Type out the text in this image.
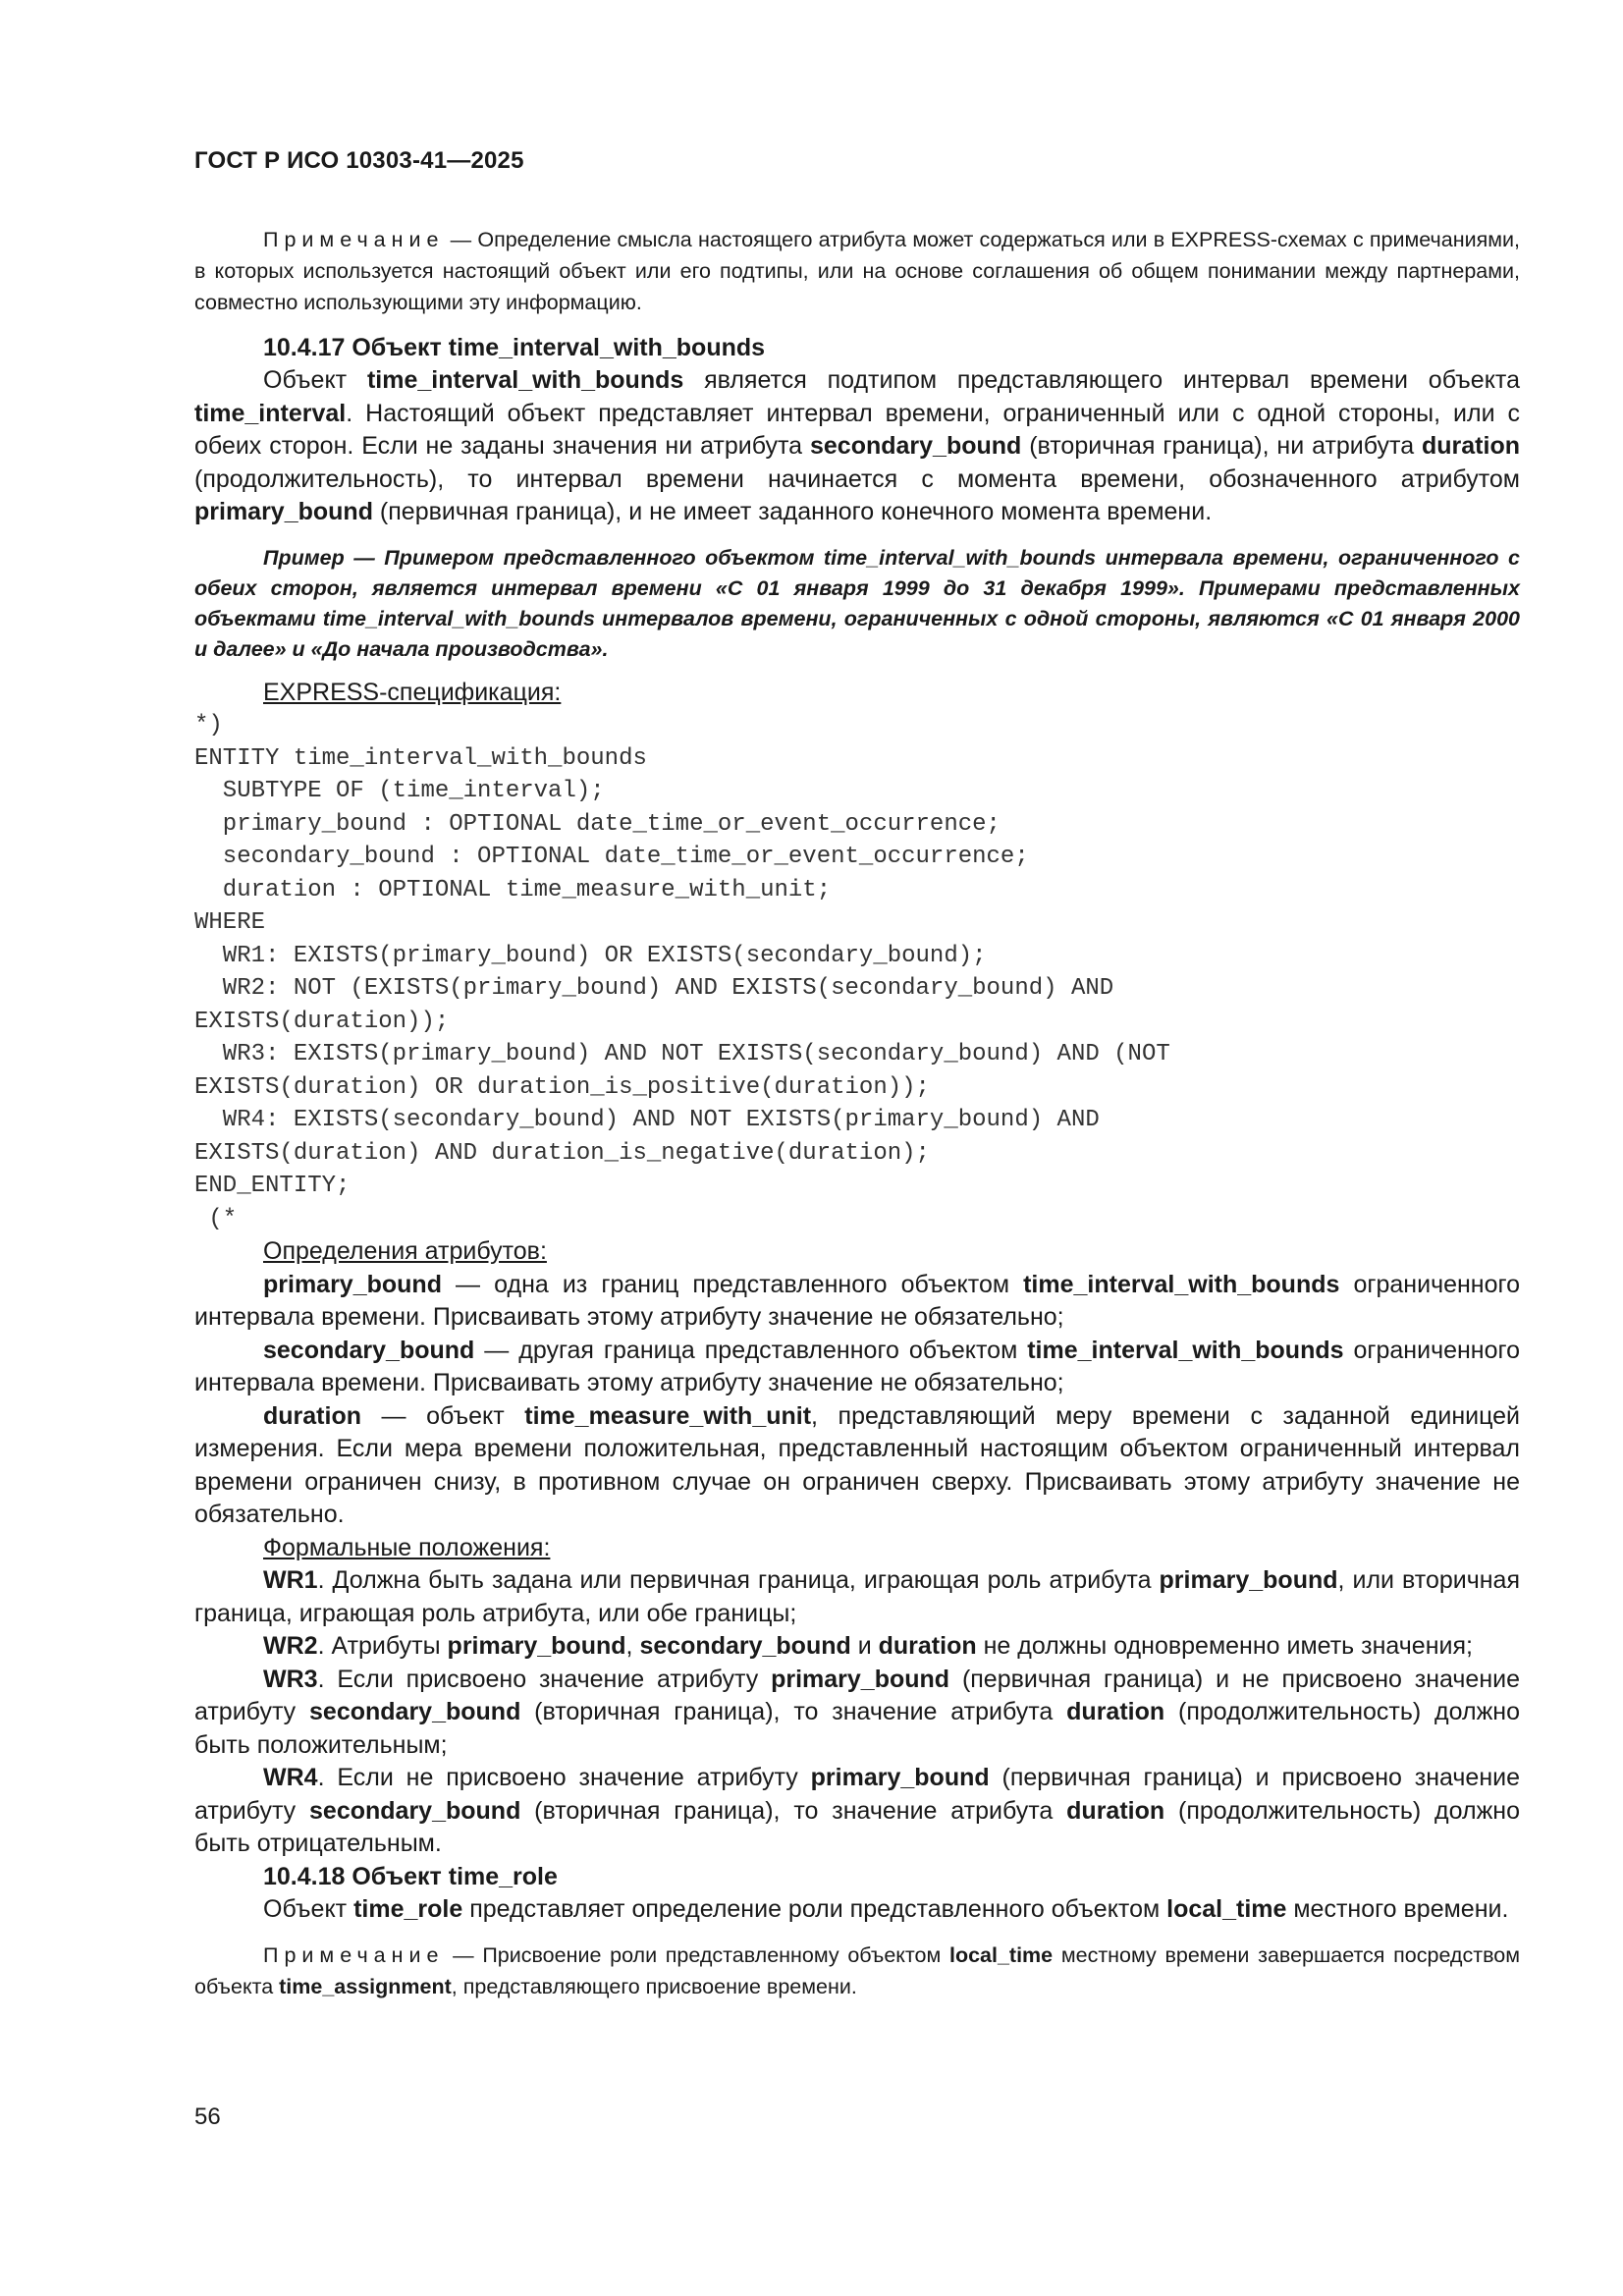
ГОСТ Р ИСО 10303-41—2025

Примечание — Определение смысла настоящего атрибута может содержаться или в EXPRESS-схемах с примечаниями, в которых используется настоящий объект или его подтипы, или на основе соглашения об общем понимании между партнерами, совместно использующими эту информацию.

10.4.17 Объект time_interval_with_bounds

Объект time_interval_with_bounds является подтипом представляющего интервал времени объекта time_interval. Настоящий объект представляет интервал времени, ограниченный или с одной стороны, или с обеих сторон. Если не заданы значения ни атрибута secondary_bound (вторичная граница), ни атрибута duration (продолжительность), то интервал времени начинается с момента времени, обозначенного атрибутом primary_bound (первичная граница), и не имеет заданного конечного момента времени.

Пример — Примером представленного объектом time_interval_with_bounds интервала времени, ограниченного с обеих сторон, является интервал времени «С 01 января 1999 до 31 декабря 1999». Примерами представленных объектами time_interval_with_bounds интервалов времени, ограниченных с одной стороны, являются «С 01 января 2000 и далее» и «До начала производства».

EXPRESS-спецификация:

*)
ENTITY time_interval_with_bounds
SUBTYPE OF (time_interval);
primary_bound : OPTIONAL date_time_or_event_occurrence;
secondary_bound : OPTIONAL date_time_or_event_occurrence;
duration : OPTIONAL time_measure_with_unit;
WHERE
WR1: EXISTS(primary_bound) OR EXISTS(secondary_bound);
WR2: NOT (EXISTS(primary_bound) AND EXISTS(secondary_bound) AND
EXISTS(duration));
WR3: EXISTS(primary_bound) AND NOT EXISTS(secondary_bound) AND (NOT
EXISTS(duration) OR duration_is_positive(duration));
WR4: EXISTS(secondary_bound) AND NOT EXISTS(primary_bound) AND
EXISTS(duration) AND duration_is_negative(duration);
END_ENTITY;
(*

Определения атрибутов:

primary_bound — одна из границ представленного объектом time_interval_with_bounds ограниченного интервала времени. Присваивать этому атрибуту значение не обязательно;

secondary_bound — другая граница представленного объектом time_interval_with_bounds ограниченного интервала времени. Присваивать этому атрибуту значение не обязательно;

duration — объект time_measure_with_unit, представляющий меру времени с заданной единицей измерения. Если мера времени положительная, представленный настоящим объектом ограниченный интервал времени ограничен снизу, в противном случае он ограничен сверху. Присваивать этому атрибуту значение не обязательно.

Формальные положения:

WR1. Должна быть задана или первичная граница, играющая роль атрибута primary_bound, или вторичная граница, играющая роль атрибута, или обе границы;

WR2. Атрибуты primary_bound, secondary_bound и duration не должны одновременно иметь значения;

WR3. Если присвоено значение атрибуту primary_bound (первичная граница) и не присвоено значение атрибуту secondary_bound (вторичная граница), то значение атрибута duration (продолжительность) должно быть положительным;

WR4. Если не присвоено значение атрибуту primary_bound (первичная граница) и присвоено значение атрибуту secondary_bound (вторичная граница), то значение атрибута duration (продолжительность) должно быть отрицательным.

10.4.18 Объект time_role

Объект time_role представляет определение роли представленного объектом local_time местного времени.

Примечание — Присвоение роли представленному объектом local_time местному времени завершается посредством объекта time_assignment, представляющего присвоение времени.

56
